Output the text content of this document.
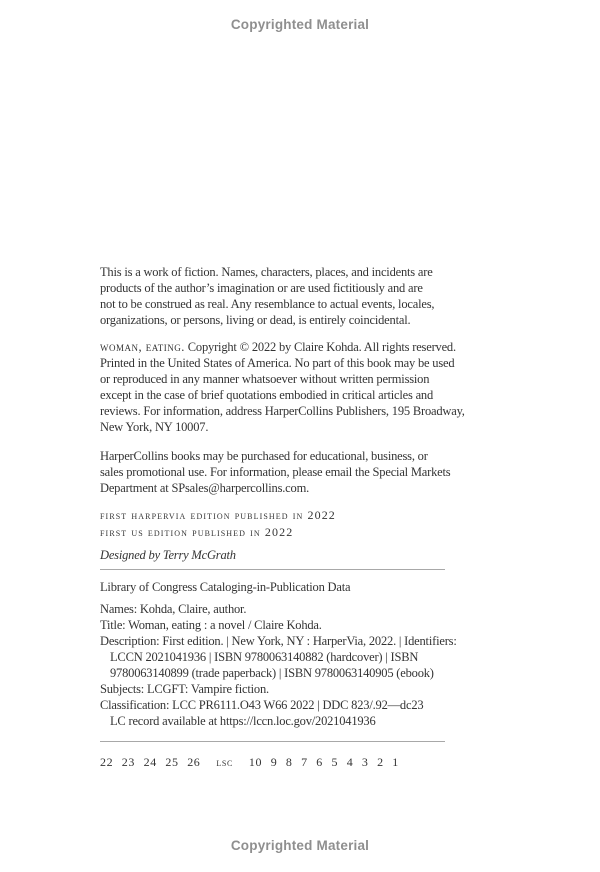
Copyrighted Material
This is a work of fiction. Names, characters, places, and incidents are
products of the author’s imagination or are used fictitiously and are
not to be construed as real. Any resemblance to actual events, locales,
organizations, or persons, living or dead, is entirely coincidental.
woman, eating. Copyright © 2022 by Claire Kohda. All rights reserved.
Printed in the United States of America. No part of this book may be used
or reproduced in any manner whatsoever without written permission
except in the case of brief quotations embodied in critical articles and
reviews. For information, address HarperCollins Publishers, 195 Broadway,
New York, NY 10007.
HarperCollins books may be purchased for educational, business, or
sales promotional use. For information, please email the Special Markets
Department at SPsales@harpercollins.com.
first harpervia edition published in 2022
first us edition published in 2022
Designed by Terry McGrath
Library of Congress Cataloging-in-Publication Data
Names: Kohda, Claire, author.
Title: Woman, eating : a novel / Claire Kohda.
Description: First edition. | New York, NY : HarperVia, 2022. | Identifiers:
LCCN 2021041936 | ISBN 9780063140882 (hardcover) | ISBN
9780063140899 (trade paperback) | ISBN 9780063140905 (ebook)
Subjects: LCGFT: Vampire fiction.
Classification: LCC PR6111.O43 W66 2022 | DDC 823/.92—dc23
LC record available at https://lccn.loc.gov/2021041936
22 23 24 25 26 lsc 10 9 8 7 6 5 4 3 2 1
Copyrighted Material
